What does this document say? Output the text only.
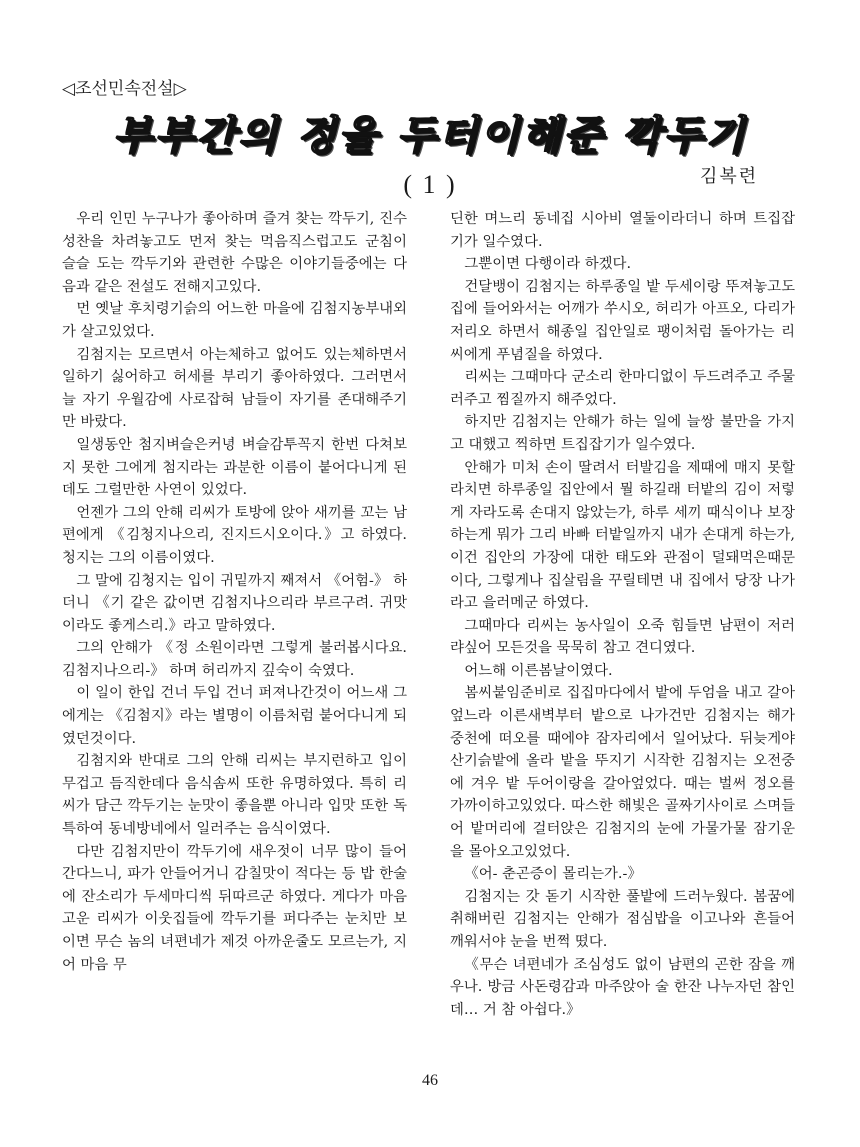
◁조선민속전설▷
부부간의 정을 두터이해준 깍두기
김복련
( 1 )

우리 인민 누구나가 좋아하며 즐겨 찾는 깍두기, 진수성찬을 차려놓고도 먼저 찾는 먹음직스럽고도 군침이 슬슬 도는 깍두기와 관련한 수많은 이야기들중에는 다음과 같은 전설도 전해지고있다.

먼 옛날 후치령기슭의 어느한 마을에 김첨지농부내외가 살고있었다.

김첨지는 모르면서 아는체하고 없어도 있는체하면서 일하기 싫어하고 허세를 부리기 좋아하였다. 그러면서 늘 자기 우월감에 사로잡혀 남들이 자기를 존대해주기만 바랐다.

일생동안 첨지벼슬은커녕 벼슬감투꼭지 한번 다쳐보지 못한 그에게 첨지라는 과분한 이름이 붙어다니게 된데도 그럴만한 사연이 있었다.

언젠가 그의 안해 리씨가 토방에 앉아 새끼를 꼬는 남편에게 《김청지나으리, 진지드시오이다.》고 하였다. 청지는 그의 이름이였다.

그 말에 김청지는 입이 귀밑까지 째져서 《어험-》 하더니 《기 같은 값이면 김첨지나으리라 부르구려. 귀맛이라도 좋게스리.》라고 말하였다.

그의 안해가 《정 소원이라면 그렇게 불러봅시다요. 김첨지나으리-》 하며 허리까지 깊숙이 숙였다.

이 일이 한입 건너 두입 건너 퍼져나간것이 어느새 그에게는 《김첨지》라는 별명이 이름처럼 붙어다니게 되였던것이다.

김첨지와 반대로 그의 안해 리씨는 부지런하고 입이 무겁고 듬직한데다 음식솜씨 또한 유명하였다. 특히 리씨가 담근 깍두기는 눈맛이 좋을뿐 아니라 입맛 또한 독특하여 동네방네에서 일러주는 음식이였다.

다만 김첨지만이 깍두기에 새우젓이 너무 많이 들어간다느니, 파가 안들어거니 감칠맛이 적다는 등 밥 한술에 잔소리가 두세마디씩 뒤따르군 하였다. 게다가 마음 고운 리씨가 이웃집들에 깍두기를 퍼다주는 눈치만 보이면 무슨 놈의 녀편네가 제것 아까운줄도 모르는가, 지어 마음 무

딘한 며느리 동네집 시아비 열둘이라더니 하며 트집잡기가 일수였다.

그뿐이면 다행이라 하겠다.

건달뱅이 김첨지는 하루종일 밭 두세이랑 뚜져놓고도 집에 들어와서는 어깨가 쑤시오, 허리가 아프오, 다리가 저리오 하면서 해종일 집안일로 팽이처럼 돌아가는 리씨에게 푸념질을 하였다.

리씨는 그때마다 군소리 한마디없이 두드려주고 주물러주고 찜질까지 해주었다.

하지만 김첨지는 안해가 하는 일에 늘쌍 불만을 가지고 대했고 찍하면 트집잡기가 일수였다.

안해가 미처 손이 딸려서 터발김을 제때에 매지 못할라치면 하루종일 집안에서 뭘 하길래 터밭의 김이 저렇게 자라도록 손대지 않았는가, 하루 세끼 때식이나 보장하는게 뭐가 그리 바빠 터밭일까지 내가 손대게 하는가, 이건 집안의 가장에 대한 태도와 관점이 덜돼먹은때문이다, 그렇게나 집살림을 꾸릴테면 내 집에서 당장 나가라고 을러메군 하였다.

그때마다 리씨는 농사일이 오죽 힘들면 남편이 저러랴싶어 모든것을 묵묵히 참고 견디였다.

어느해 이른봄날이였다.

봄씨붙임준비로 집집마다에서 밭에 두엄을 내고 갈아엎느라 이른새벽부터 밭으로 나가건만 김첨지는 해가 중천에 떠오를 때에야 잠자리에서 일어났다. 뒤늦게야 산기슭밭에 올라 밭을 뚜지기 시작한 김첨지는 오전중에 겨우 밭 두어이랑을 갈아엎었다. 때는 벌써 정오를 가까이하고있었다. 따스한 해빛은 골짜기사이로 스며들어 밭머리에 걸터앉은 김첨지의 눈에 가물가물 잠기운을 몰아오고있었다.

《어- 춘곤증이 몰리는가.-》

김첨지는 갓 돋기 시작한 풀밭에 드러누웠다. 봄꿈에 취해버린 김첨지는 안해가 점심밥을 이고나와 흔들어 깨워서야 눈을 번쩍 떴다.

《무슨 녀편네가 조심성도 없이 남편의 곤한 잠을 깨우나. 방금 사돈령감과 마주앉아 술 한잔 나누자던 참인데… 거 참 아쉽다.》

46
